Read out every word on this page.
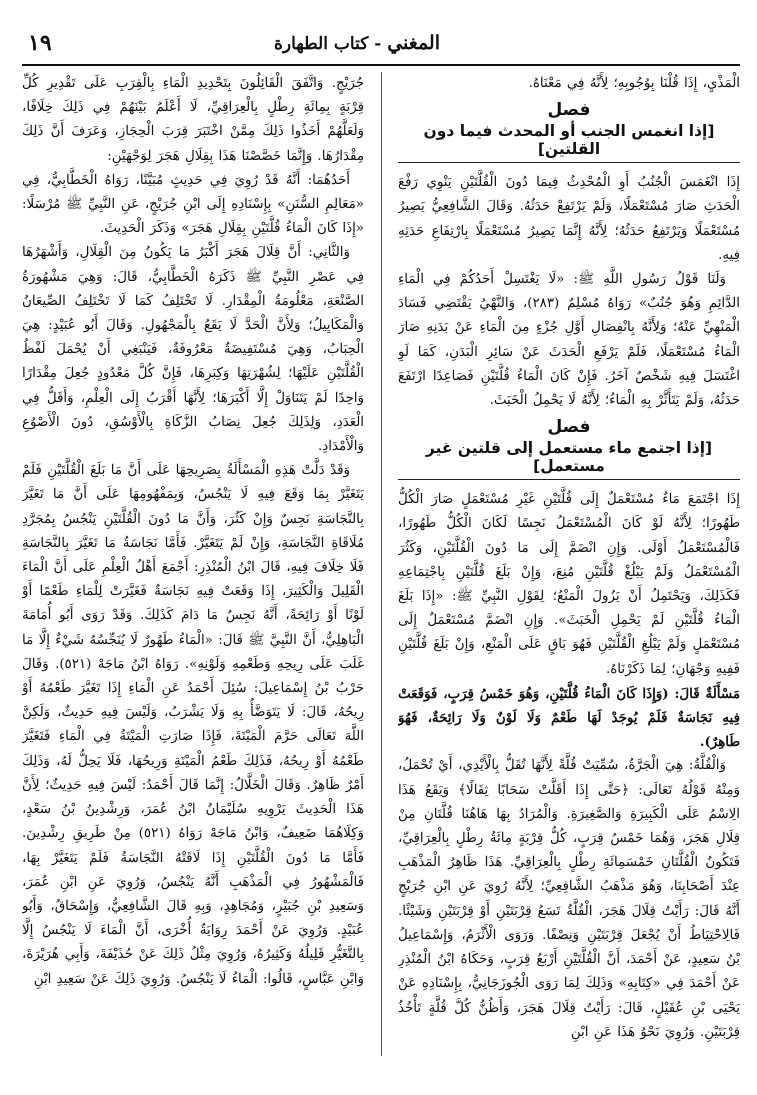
المغني - كتاب الطهارة
١٩

الْمَذْيِ، إِذَا قُلْنَا بِوُجُوبِهِ؛ لِأَنَّهُ فِي مَعْنَاهُ.

فصل
[إذا انغمس الجنب أو المحدث فيما دون القلتين]

إِذَا انْغَمَسَ الْجُنُبُ أَوِ الْمُحْدِثُ فِيمَا دُونَ الْقُلَّتَيْنِ يَنْوِي رَفْعَ الْحَدَثِ صَارَ مُسْتَعْمَلًا، وَلَمْ يَرْتَفِعْ حَدَثُهُ. وَقَالَ الشَّافِعِيُّ يَصِيرُ مُسْتَعْمَلًا وَيَرْتَفِعُ حَدَثُهُ؛ لِأَنَّهُ إِنَّمَا يَصِيرُ مُسْتَعْمَلًا بِارْتِفَاعِ حَدَثِهِ فِيهِ.

وَلَنَا قَوْلُ رَسُولِ اللَّهِ ﷺ: «لَا يَغْتَسِلْ أَحَدُكُمْ فِي الْمَاءِ الدَّائِمِ وَهُوَ جُنُبٌ» رَوَاهُ مُسْلِمٌ (٢٨٣)، وَالنَّهْيُ يَقْتَضِي فَسَادَ الْمَنْهِيِّ عَنْهُ؛ وَلِأَنَّهُ بِانْفِصَالِ أَوَّلِ جُزْءٍ مِنَ الْمَاءِ عَنْ بَدَنِهِ صَارَ الْمَاءُ مُسْتَعْمَلًا، فَلَمْ يَرْفَعِ الْحَدَثَ عَنْ سَائِرِ الْبَدَنِ، كَمَا لَوِ اغْتَسَلَ فِيهِ شَخْصٌ آخَرُ. فَإِنْ كَانَ الْمَاءُ قُلَّتَيْنِ فَصَاعِدًا ارْتَفَعَ حَدَثُهُ، وَلَمْ يَتَأَثَّرْ بِهِ الْمَاءُ؛ لِأَنَّهُ لَا يَحْمِلُ الْخَبَثَ.

فصل
[إذا اجتمع ماء مستعمل إلى قلتين غير مستعمل]

إِذَا اجْتَمَعَ مَاءٌ مُسْتَعْمَلٌ إِلَى قُلَّتَيْنِ غَيْرِ مُسْتَعْمَلٍ صَارَ الْكُلُّ طَهُورًا؛ لِأَنَّهُ لَوْ كَانَ الْمُسْتَعْمَلُ نَجِسًا لَكَانَ الْكُلُّ طَهُورًا، فَالْمُسْتَعْمَلُ أَوْلَى. وَإِنِ انْضَمَّ إِلَى مَا دُونَ الْقُلَّتَيْنِ، وَكَثُرَ الْمُسْتَعْمَلُ وَلَمْ يَبْلُغْ قُلَّتَيْنِ مُنِعَ، وَإِنْ بَلَغَ قُلَّتَيْنِ بِاجْتِمَاعِهِ فَكَذَلِكَ، وَيَحْتَمِلُ أَنْ يَزُولَ الْمَنْعُ؛ لِقَوْلِ النَّبِيِّ ﷺ: «إِذَا بَلَغَ الْمَاءُ قُلَّتَيْنِ لَمْ يَحْمِلِ الْخَبَثَ». وَإِنِ انْضَمَّ مُسْتَعْمَلٌ إِلَى مُسْتَعْمَلٍ وَلَمْ يَبْلُغِ الْقُلَّتَيْنِ فَهُوَ بَاقٍ عَلَى الْمَنْعِ، وَإِنْ بَلَغَ قُلَّتَيْنِ فَفِيهِ وَجْهَانِ؛ لِمَا ذَكَرْنَاهُ.

مَسْأَلَةٌ قَالَ: (وَإِذَا كَانَ الْمَاءُ قُلَّتَيْنِ، وَهُوَ خَمْسُ قِرَبٍ، فَوَقَعَتْ فِيهِ نَجَاسَةٌ فَلَمْ يُوجَدْ لَهَا طَعْمٌ وَلَا لَوْنٌ وَلَا رَائِحَةٌ، فَهُوَ طَاهِرٌ).

وَالْقُلَّةُ: هِيَ الْجَرَّةُ، سُمِّيَتْ قُلَّةً لِأَنَّهَا تُقَلُّ بِالْأَيْدِي، أَيْ تُحْمَلُ، وَمِنْهُ قَوْلُهُ تَعَالَى: ﴿حَتَّى إِذَا أَقَلَّتْ سَحَابًا ثِقَالًا﴾ وَيَقَعُ هَذَا الِاسْمُ عَلَى الْكَبِيرَةِ وَالصَّغِيرَةِ. وَالْمُرَادُ بِهَا هَاهُنَا قُلَّتَانِ مِنْ قِلَالِ هَجَرَ، وَهُمَا خَمْسُ قِرَبٍ، كُلُّ قِرْبَةٍ مِائَةُ رِطْلٍ بِالْعِرَاقِيِّ، فَتَكُونُ الْقُلَّتَانِ خَمْسَمِائَةِ رِطْلٍ بِالْعِرَاقِيِّ. هَذَا ظَاهِرُ الْمَذْهَبِ عِنْدَ أَصْحَابِنَا، وَهُوَ مَذْهَبُ الشَّافِعِيِّ؛ لِأَنَّهُ رُوِيَ عَنِ ابْنِ جُرَيْجٍ أَنَّهُ قَالَ: رَأَيْتُ قِلَالَ هَجَرَ، الْقُلَّةُ تَسَعُ قِرْبَتَيْنِ أَوْ قِرْبَتَيْنِ وَشَيْئًا. فَالِاحْتِيَاطُ أَنْ يُجْعَلَ قِرْبَتَيْنِ وَنِصْفًا. وَرَوَى الْأَثْرَمُ، وَإِسْمَاعِيلُ بْنُ سَعِيدٍ، عَنْ أَحْمَدَ، أَنَّ الْقُلَّتَيْنِ أَرْبَعُ قِرَبٍ، وَحَكَاهُ ابْنُ الْمُنْذِرِ عَنْ أَحْمَدَ فِي «كِتَابِهِ» وَذَلِكَ لِمَا رَوَى الْجُوزَجَانِيُّ، بِإِسْنَادِهِ عَنْ يَحْيَى بْنِ عُقَيْلٍ، قَالَ: رَأَيْتُ قِلَالَ هَجَرَ، وَأَظُنُّ كُلَّ قُلَّةٍ تَأْخُذُ قِرْبَتَيْنِ. وَرُوِيَ نَحْوُ هَذَا عَنِ ابْنِ

جُرَيْجٍ. وَاتَّفَقَ الْقَائِلُونَ بِتَحْدِيدِ الْمَاءِ بِالْقِرَبِ عَلَى تَقْدِيرِ كُلِّ قِرْبَةٍ بِمِائَةِ رِطْلٍ بِالْعِرَاقِيِّ، لَا أَعْلَمُ بَيْنَهُمْ فِي ذَلِكَ خِلَافًا، وَلَعَلَّهُمْ أَخَذُوا ذَلِكَ مِمَّنْ اخْتَبَرَ قِرَبَ الْحِجَازِ، وَعَرَفَ أَنَّ ذَلِكَ مِقْدَارُهَا. وَإِنَّمَا خَصَّصْنَا هَذَا بِقِلَالِ هَجَرَ لِوَجْهَيْنِ:

أَحَدُهُمَا: أَنَّهُ قَدْ رُوِيَ فِي حَدِيثٍ مُبَيَّنًا، رَوَاهُ الْخَطَّابِيُّ، فِي «مَعَالِمِ السُّنَنِ» بِإِسْنَادِهِ إِلَى ابْنِ جُرَيْجٍ، عَنِ النَّبِيِّ ﷺ مُرْسَلًا: «إِذَا كَانَ الْمَاءُ قُلَّتَيْنِ بِقِلَالِ هَجَرَ» وَذَكَرَ الْحَدِيثَ.

وَالثَّانِي: أَنَّ قِلَالَ هَجَرَ أَكْبَرُ مَا يَكُونُ مِنَ الْقِلَالِ، وَأَشْهَرُهَا فِي عَصْرِ النَّبِيِّ ﷺ ذَكَرَهُ الْخَطَّابِيُّ، قَالَ: وَهِيَ مَشْهُورَةُ الصَّنْعَةِ، مَعْلُومَةُ الْمِقْدَارِ. لَا تَخْتَلِفُ كَمَا لَا تَخْتَلِفُ الصِّيعَانُ وَالْمَكَايِيلُ؛ وَلِأَنَّ الْحَدَّ لَا يَقَعُ بِالْمَجْهُولِ. وَقَالَ أَبُو عُبَيْدٍ: هِيَ الْحِبَابُ، وَهِيَ مُسْتَفِيضَةٌ مَعْرُوفَةٌ، فَيَنْبَغِي أَنْ يُحْمَلَ لَفْظُ الْقُلَّتَيْنِ عَلَيْهَا؛ لِشُهْرَتِهَا وَكِبَرِهَا، فَإِنَّ كُلَّ مَعْدُودٍ جُعِلَ مِقْدَارًا وَاحِدًا لَمْ يَتَنَاوَلْ إِلَّا أَكْبَرَهَا؛ لِأَنَّهَا أَقْرَبُ إِلَى الْعِلْمِ، وَأَقَلُّ فِي الْعَدَدِ، وَلِذَلِكَ جُعِلَ نِصَابُ الزَّكَاةِ بِالْأَوْسُقِ، دُونَ الْأَصْوُعِ وَالْأَمْدَادِ.

وَقَدْ دَلَّتْ هَذِهِ الْمَسْأَلَةُ بِصَرِيحِهَا عَلَى أَنَّ مَا بَلَغَ الْقُلَّتَيْنِ فَلَمْ يَتَغَيَّرْ بِمَا وَقَعَ فِيهِ لَا يَنْجُسُ، وَبِمَفْهُومِهَا عَلَى أَنَّ مَا تَغَيَّرَ بِالنَّجَاسَةِ نَجِسٌ وَإِنْ كَثُرَ، وَأَنَّ مَا دُونَ الْقُلَّتَيْنِ يَنْجُسُ بِمُجَرَّدِ مُلَاقَاةِ النَّجَاسَةِ، وَإِنْ لَمْ يَتَغَيَّرْ. فَأَمَّا نَجَاسَةُ مَا تَغَيَّرَ بِالنَّجَاسَةِ فَلَا خِلَافَ فِيهِ، قَالَ ابْنُ الْمُنْذِرِ: أَجْمَعَ أَهْلُ الْعِلْمِ عَلَى أَنَّ الْمَاءَ الْقَلِيلَ وَالْكَثِيرَ، إِذَا وَقَعَتْ فِيهِ نَجَاسَةٌ فَغَيَّرَتْ لِلْمَاءِ طَعْمًا أَوْ لَوْنًا أَوْ رَائِحَةً، أَنَّهُ نَجِسٌ مَا دَامَ كَذَلِكَ. وَقَدْ رَوَى أَبُو أُمَامَةَ الْبَاهِلِيُّ، أَنَّ النَّبِيَّ ﷺ قَالَ: «الْمَاءُ طَهُورٌ لَا يُنَجِّسُهُ شَيْءٌ إِلَّا مَا غَلَبَ عَلَى رِيحِهِ وَطَعْمِهِ وَلَوْنِهِ». رَوَاهُ ابْنُ مَاجَهْ (٥٢١). وَقَالَ حَرْبُ بْنُ إِسْمَاعِيلَ: سُئِلَ أَحْمَدُ عَنِ الْمَاءِ إِذَا تَغَيَّرَ طَعْمُهُ أَوْ رِيحُهُ، قَالَ: لَا يَتَوَضَّأُ بِهِ وَلَا يَشْرَبُ، وَلَيْسَ فِيهِ حَدِيثٌ، وَلَكِنَّ اللَّهَ تَعَالَى حَرَّمَ الْمَيْتَةَ، فَإِذَا صَارَتِ الْمَيْتَةُ فِي الْمَاءِ فَتَغَيَّرَ طَعْمُهُ أَوْ رِيحُهُ، فَذَلِكَ طَعْمُ الْمَيْتَةِ وَرِيحُهَا، فَلَا يَحِلُّ لَهُ، وَذَلِكَ أَمْرٌ ظَاهِرٌ. وَقَالَ الْخَلَّالُ: إِنَّمَا قَالَ أَحْمَدُ: لَيْسَ فِيهِ حَدِيثٌ؛ لِأَنَّ هَذَا الْحَدِيثَ يَرْوِيهِ سُلَيْمَانُ ابْنُ عُمَرَ، وَرِشْدِينُ بْنُ سَعْدٍ، وَكِلَاهُمَا ضَعِيفٌ، وَابْنُ مَاجَهْ رَوَاهُ (٥٢١) مِنْ طَرِيقِ رِشْدِينَ. فَأَمَّا مَا دُونَ الْقُلَّتَيْنِ إِذَا لَاقَتْهُ النَّجَاسَةُ فَلَمْ يَتَغَيَّرْ بِهَا، فَالْمَشْهُورُ فِي الْمَذْهَبِ أَنَّهُ يَنْجُسُ، وَرُوِيَ عَنِ ابْنِ عُمَرَ، وَسَعِيدِ بْنِ جُبَيْرٍ، وَمُجَاهِدٍ، وَبِهِ قَالَ الشَّافِعِيُّ، وَإِسْحَاقُ، وَأَبُو عُبَيْدٍ. وَرُوِيَ عَنْ أَحْمَدَ رِوَايَةٌ أُخْرَى، أَنَّ الْمَاءَ لَا يَنْجُسُ إِلَّا بِالتَّغَيُّرِ قَلِيلُهُ وَكَثِيرُهُ، وَرُوِيَ مِثْلُ ذَلِكَ عَنْ حُذَيْفَةَ، وَأَبِي هُرَيْرَةَ، وَابْنِ عَبَّاسٍ، قَالُوا: الْمَاءُ لَا يَنْجُسُ. وَرُوِيَ ذَلِكَ عَنْ سَعِيدِ ابْنِ
